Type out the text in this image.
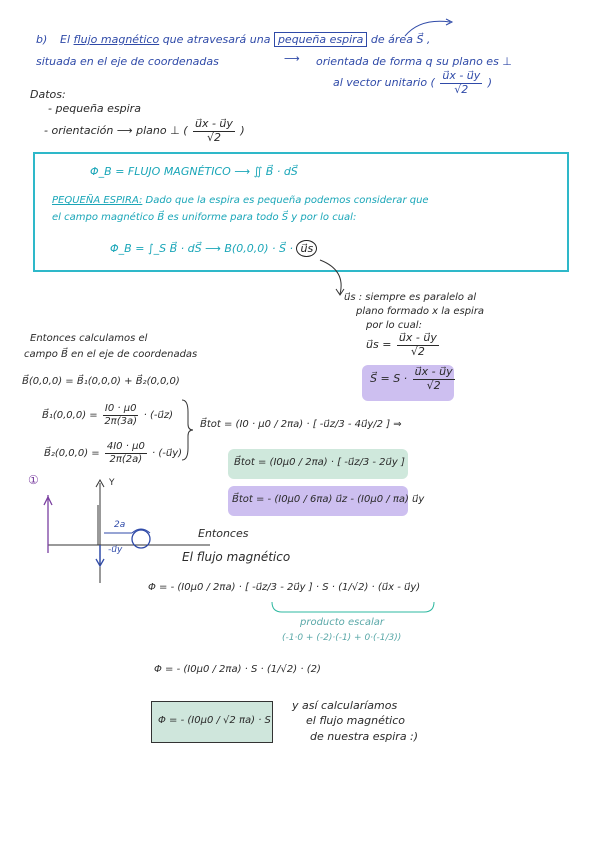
b) El flujo magnético que atravesará una pequeña espira de área S⃗ ,
situada en el eje de coordenadas	⟶ orientada de forma q su plano es ⊥
al vector unitario ( $\frac{u⃗x - u⃗y}{√2}$ )
Datos:
- pequeña espira
- orientación ⟶ plano ⊥ ( $\frac{u⃗x - u⃗y}{√2}$ )
Φ_B = FLUJO MAGNÉTICO ⟶ ∬ B⃗ · dS⃗
PEQUEÑA ESPIRA: Dado que la espira es pequeña podemos considerar que
el campo magnético B⃗ es uniforme para todo S⃗ y por lo cual:
Φ_B = ∫_S B⃗ · dS⃗ ⟶ B(0,0,0) · S⃗ · u⃗s
u⃗s : siempre es paralelo al
plano formado x la espira
por lo cual:
u⃗s = $\frac{u⃗x - u⃗y}{√2}$
S⃗ = $S \cdot \frac{u⃗x - u⃗y}{√2}$
Entonces calculamos el
campo B⃗ en el eje de coordenadas
B⃗(0,0,0) = B⃗₁(0,0,0) + B⃗₂(0,0,0)
B⃗₁(0,0,0) = $\frac{I0 \cdot \mu 0}{2\pi(3a)}$ · (-u⃗z)
B⃗₂(0,0,0) = $\frac{4I0 \cdot \mu 0}{2\pi(2a)}$ · (-u⃗y)
B⃗tot = (I0 · μ0 / 2πa) · [ -u⃗z/3 - 4u⃗y/2 ] ⇒
B⃗tot = (I0μ0 / 2πa) · [ -u⃗z/3 - 2u⃗y ]
B⃗tot = - (I0μ0 / 6πa) u⃗z - (I0μ0 / πa) u⃗y
①	Y
2a
-u⃗y
Entonces
El flujo magnético
Φ = - (I0μ0 / 2πa) · [ -u⃗z/3 - 2u⃗y ] · S · (1/√2) · (u⃗x - u⃗y)
producto escalar
(-1·0 + (-2)·(-1) + 0·(-1/3))
Φ = - (I0μ0 / 2πa) · S · (1/√2) · (2)
Φ = - (I0μ0 / √2 πa) · S
y así calcularíamos
el flujo magnético
de nuestra espira :)
